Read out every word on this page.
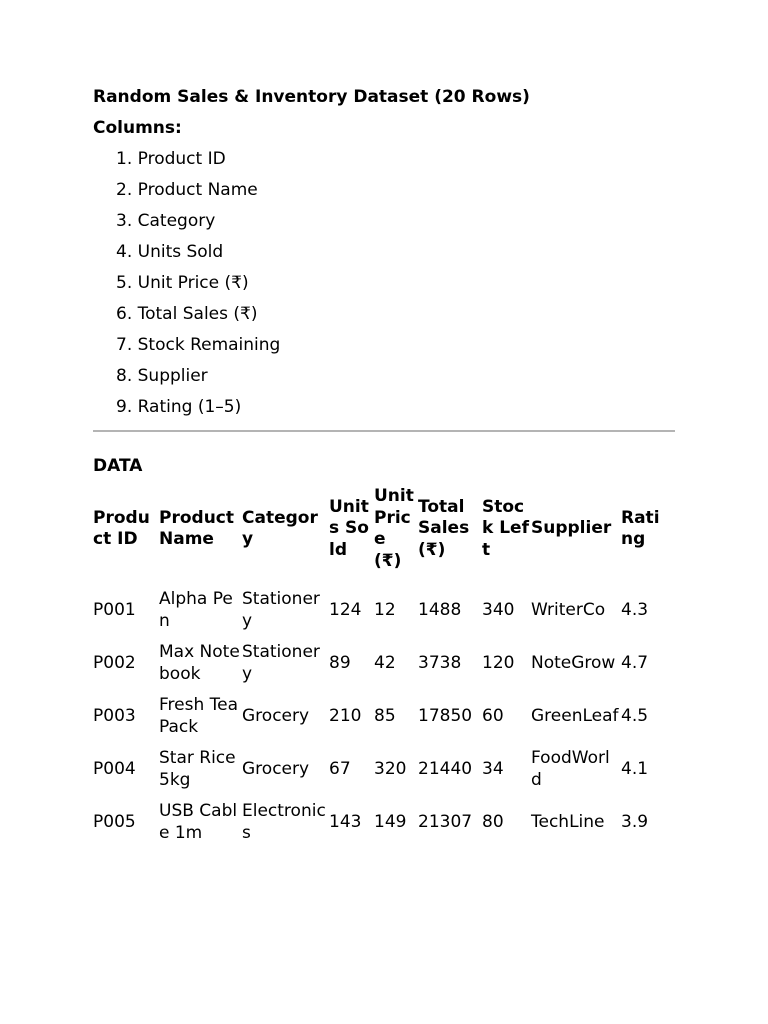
Random Sales & Inventory Dataset (20 Rows)
Columns:
1. Product ID
2. Product Name
3. Category
4. Units Sold
5. Unit Price (₹)
6. Total Sales (₹)
7. Stock Remaining
8. Supplier
9. Rating (1–5)
DATA
Product ID	Product Name	Category	Units Sold	Unit Price (₹)	Total Sales (₹)	Stock Left	Supplier	Rating
P001	Alpha Pen	Stationery	124	12	1488	340	WriterCo	4.3
P002	Max Notebook	Stationery	89	42	3738	120	NoteGrow	4.7
P003	Fresh Tea Pack	Grocery	210	85	17850	60	GreenLeaf	4.5
P004	Star Rice 5kg	Grocery	67	320	21440	34	FoodWorld	4.1
P005	USB Cable 1m	Electronics	143	149	21307	80	TechLine	3.9
